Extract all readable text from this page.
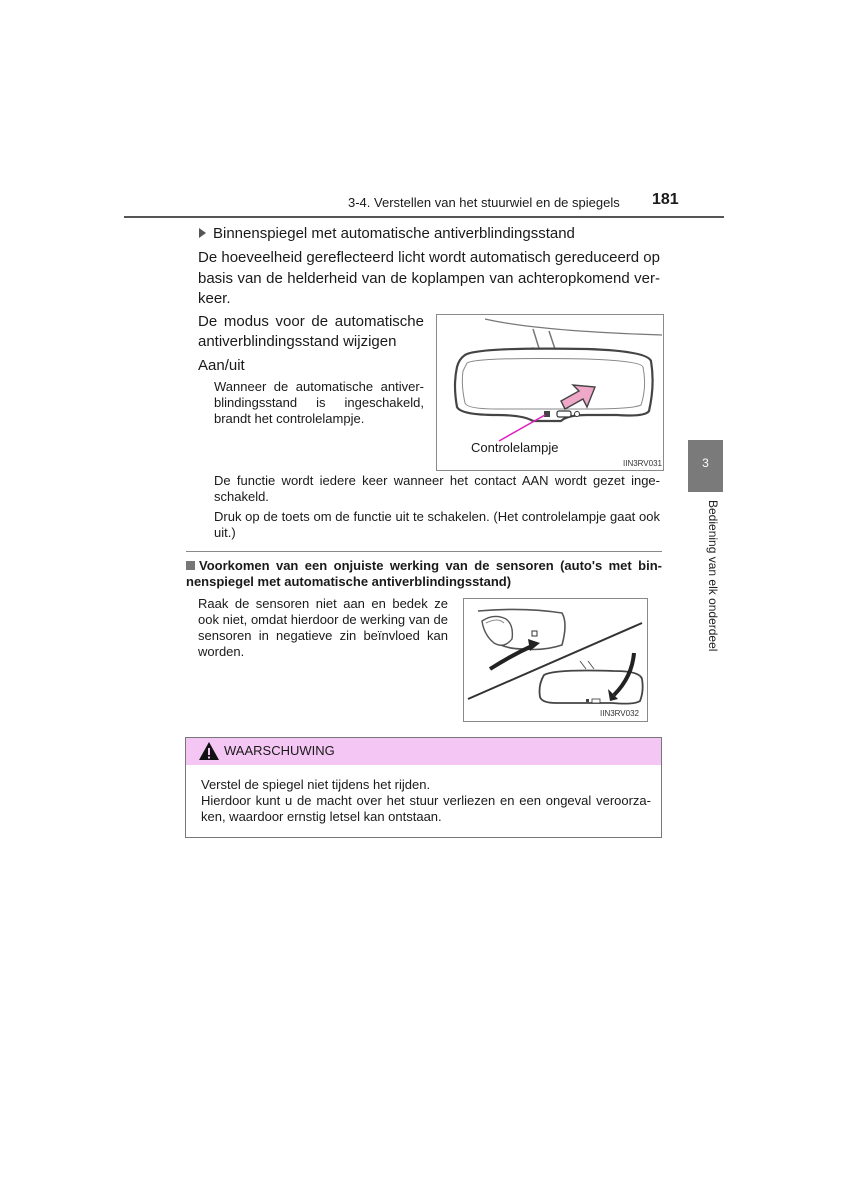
3-4. Verstellen van het stuurwiel en de spiegels 181
Binnenspiegel met automatische antiverblindingsstand
De hoeveelheid gereflecteerd licht wordt automatisch gereduceerd op basis van de helderheid van de koplampen van achteropkomend ver-keer.
De modus voor de automatische antiverblindingsstand wijzigen
Aan/uit
Wanneer de automatische antiver-blindingsstand is ingeschakeld, brandt het controlelampje.
Controlelampje
IIN3RV031
De functie wordt iedere keer wanneer het contact AAN wordt gezet inge-schakeld.
Druk op de toets om de functie uit te schakelen. (Het controlelampje gaat ook uit.)
Voorkomen van een onjuiste werking van de sensoren (auto's met bin-nenspiegel met automatische antiverblindingsstand)
Raak de sensoren niet aan en bedek ze ook niet, omdat hierdoor de werking van de sensoren in negatieve zin beïnvloed kan worden.
IIN3RV032
WAARSCHUWING
Verstel de spiegel niet tijdens het rijden.
Hierdoor kunt u de macht over het stuur verliezen en een ongeval veroorza-ken, waardoor ernstig letsel kan ontstaan.
3
Bediening van elk onderdeel
